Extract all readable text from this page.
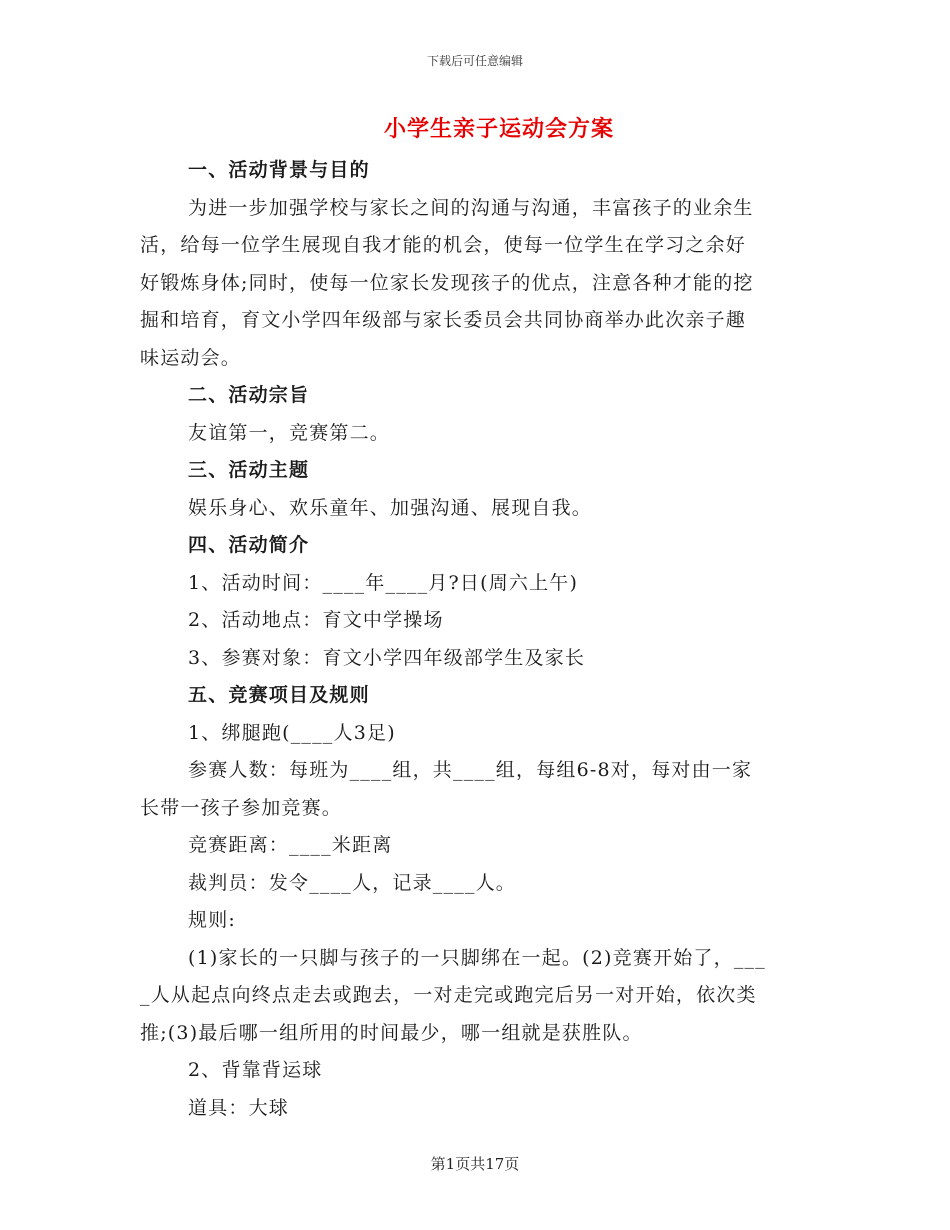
下载后可任意编辑
小学生亲子运动会方案

一、活动背景与目的

为进一步加强学校与家长之间的沟通与沟通，丰富孩子的业余生

活，给每一位学生展现自我才能的机会，使每一位学生在学习之余好

好锻炼身体;同时，使每一位家长发现孩子的优点，注意各种才能的挖

掘和培育，育文小学四年级部与家长委员会共同协商举办此次亲子趣

味运动会。

二、活动宗旨

友谊第一，竞赛第二。

三、活动主题

娱乐身心、欢乐童年、加强沟通、展现自我。

四、活动简介

1、活动时间：____年____月?日(周六上午)

2、活动地点：育文中学操场

3、参赛对象：育文小学四年级部学生及家长

五、竞赛项目及规则

1、绑腿跑(____人3足)

参赛人数：每班为____组，共____组，每组6-8对，每对由一家

长带一孩子参加竞赛。

竞赛距离：____米距离

裁判员：发令____人，记录____人。

规则:

(1)家长的一只脚与孩子的一只脚绑在一起。(2)竞赛开始了，___

_人从起点向终点走去或跑去，一对走完或跑完后另一对开始，依次类

推;(3)最后哪一组所用的时间最少，哪一组就是获胜队。

2、背靠背运球

道具：大球

第1页共17页
